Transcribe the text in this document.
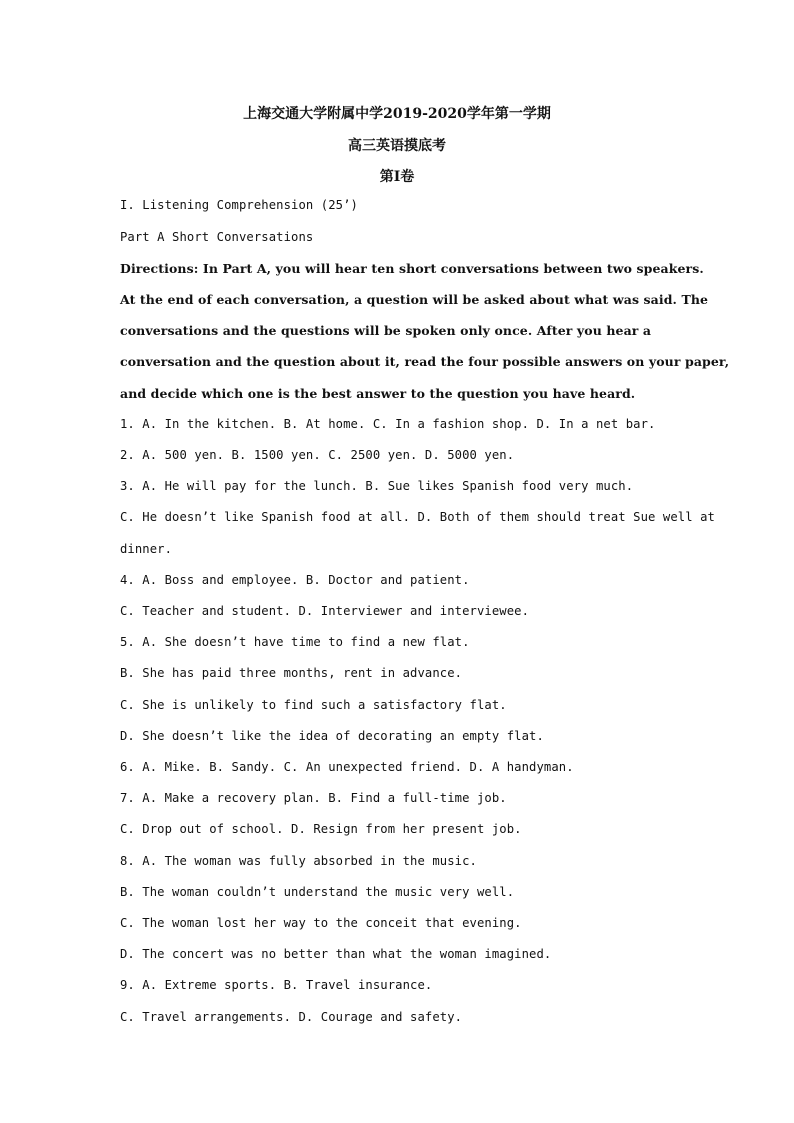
上海交通大学附属中学2019-2020学年第一学期
高三英语摸底考
第I卷
I. Listening Comprehension (25’)
Part A Short Conversations
Directions: In Part A, you will hear ten short conversations between two speakers.
At the end of each conversation, a question will be asked about what was said. The
conversations and the questions will be spoken only once. After you hear a
conversation and the question about it, read the four possible answers on your paper,
and decide which one is the best answer to the question you have heard.
1. A. In the kitchen. B. At home. C. In a fashion shop. D. In a net bar.
2. A. 500 yen. B. 1500 yen. C. 2500 yen. D. 5000 yen.
3. A. He will pay for the lunch. B. Sue likes Spanish food very much.
C. He doesn’t like Spanish food at all. D. Both of them should treat Sue well at
dinner.
4. A. Boss and employee. B. Doctor and patient.
C. Teacher and student. D. Interviewer and interviewee.
5. A. She doesn’t have time to find a new flat.
B. She has paid three months, rent in advance.
C. She is unlikely to find such a satisfactory flat.
D. She doesn’t like the idea of decorating an empty flat.
6. A. Mike. B. Sandy. C. An unexpected friend. D. A handyman.
7. A. Make a recovery plan. B. Find a full-time job.
C. Drop out of school. D. Resign from her present job.
8. A. The woman was fully absorbed in the music.
B. The woman couldn’t understand the music very well.
C. The woman lost her way to the conceit that evening.
D. The concert was no better than what the woman imagined.
9. A. Extreme sports. B. Travel insurance.
C. Travel arrangements. D. Courage and safety.
